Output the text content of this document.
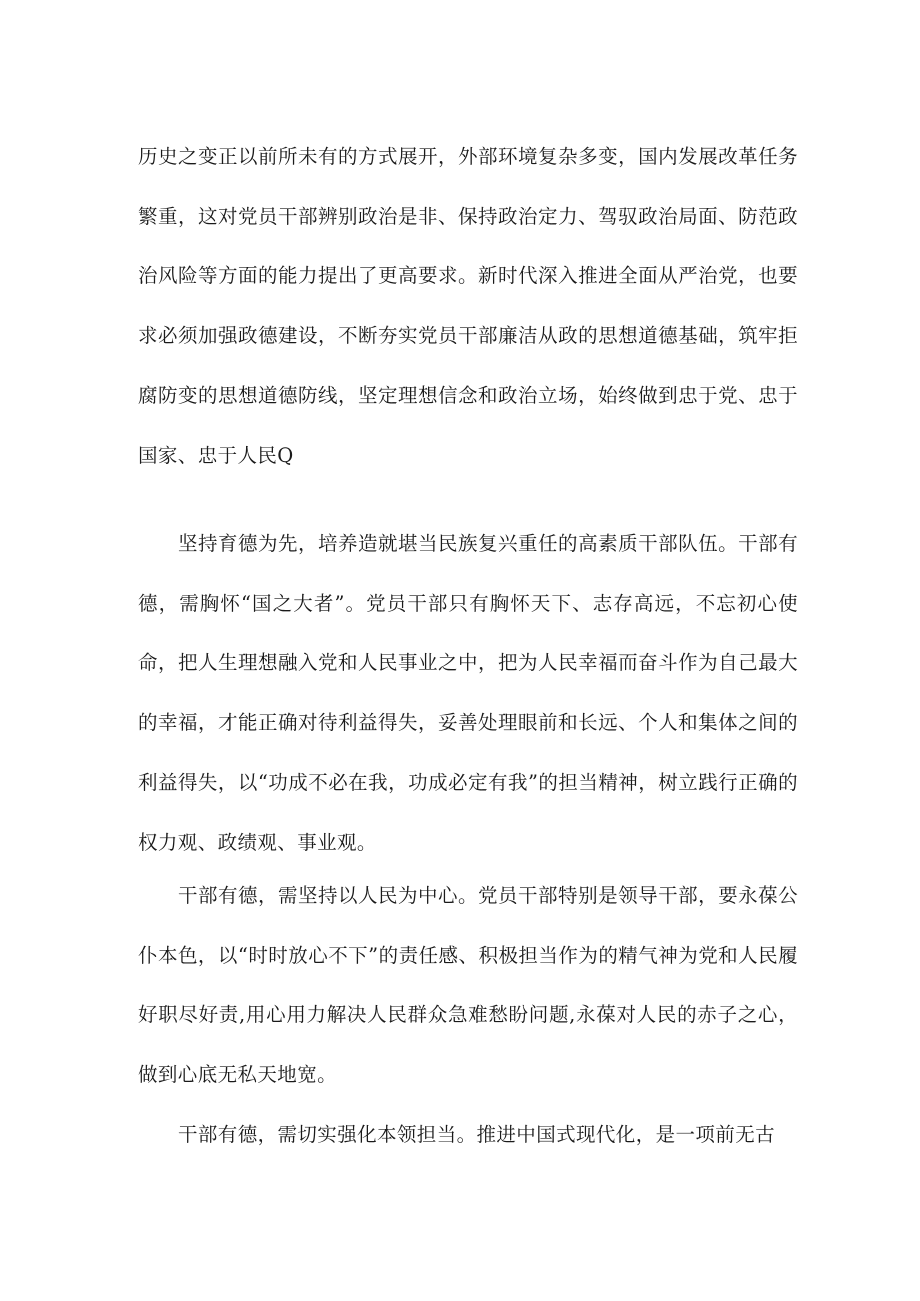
历史之变正以前所未有的方式展开，外部环境复杂多变，国内发展改革任务繁重，这对党员干部辨别政治是非、保持政治定力、驾驭政治局面、防范政治风险等方面的能力提出了更高要求。新时代深入推进全面从严治党，也要求必须加强政德建设，不断夯实党员干部廉洁从政的思想道德基础，筑牢拒腐防变的思想道德防线，坚定理想信念和政治立场，始终做到忠于党、忠于国家、忠于人民Q

坚持育德为先，培养造就堪当民族复兴重任的高素质干部队伍。干部有德，需胸怀“国之大者”。党员干部只有胸怀天下、志存高远，不忘初心使命，把人生理想融入党和人民事业之中，把为人民幸福而奋斗作为自己最大的幸福，才能正确对待利益得失，妥善处理眼前和长远、个人和集体之间的利益得失，以“功成不必在我，功成必定有我”的担当精神，树立践行正确的权力观、政绩观、事业观。

干部有德，需坚持以人民为中心。党员干部特别是领导干部，要永葆公仆本色，以“时时放心不下”的责任感、积极担当作为的精气神为党和人民履好职尽好责,用心用力解决人民群众急难愁盼问题,永葆对人民的赤子之心，做到心底无私天地宽。

干部有德，需切实强化本领担当。推进中国式现代化，是一项前无古
